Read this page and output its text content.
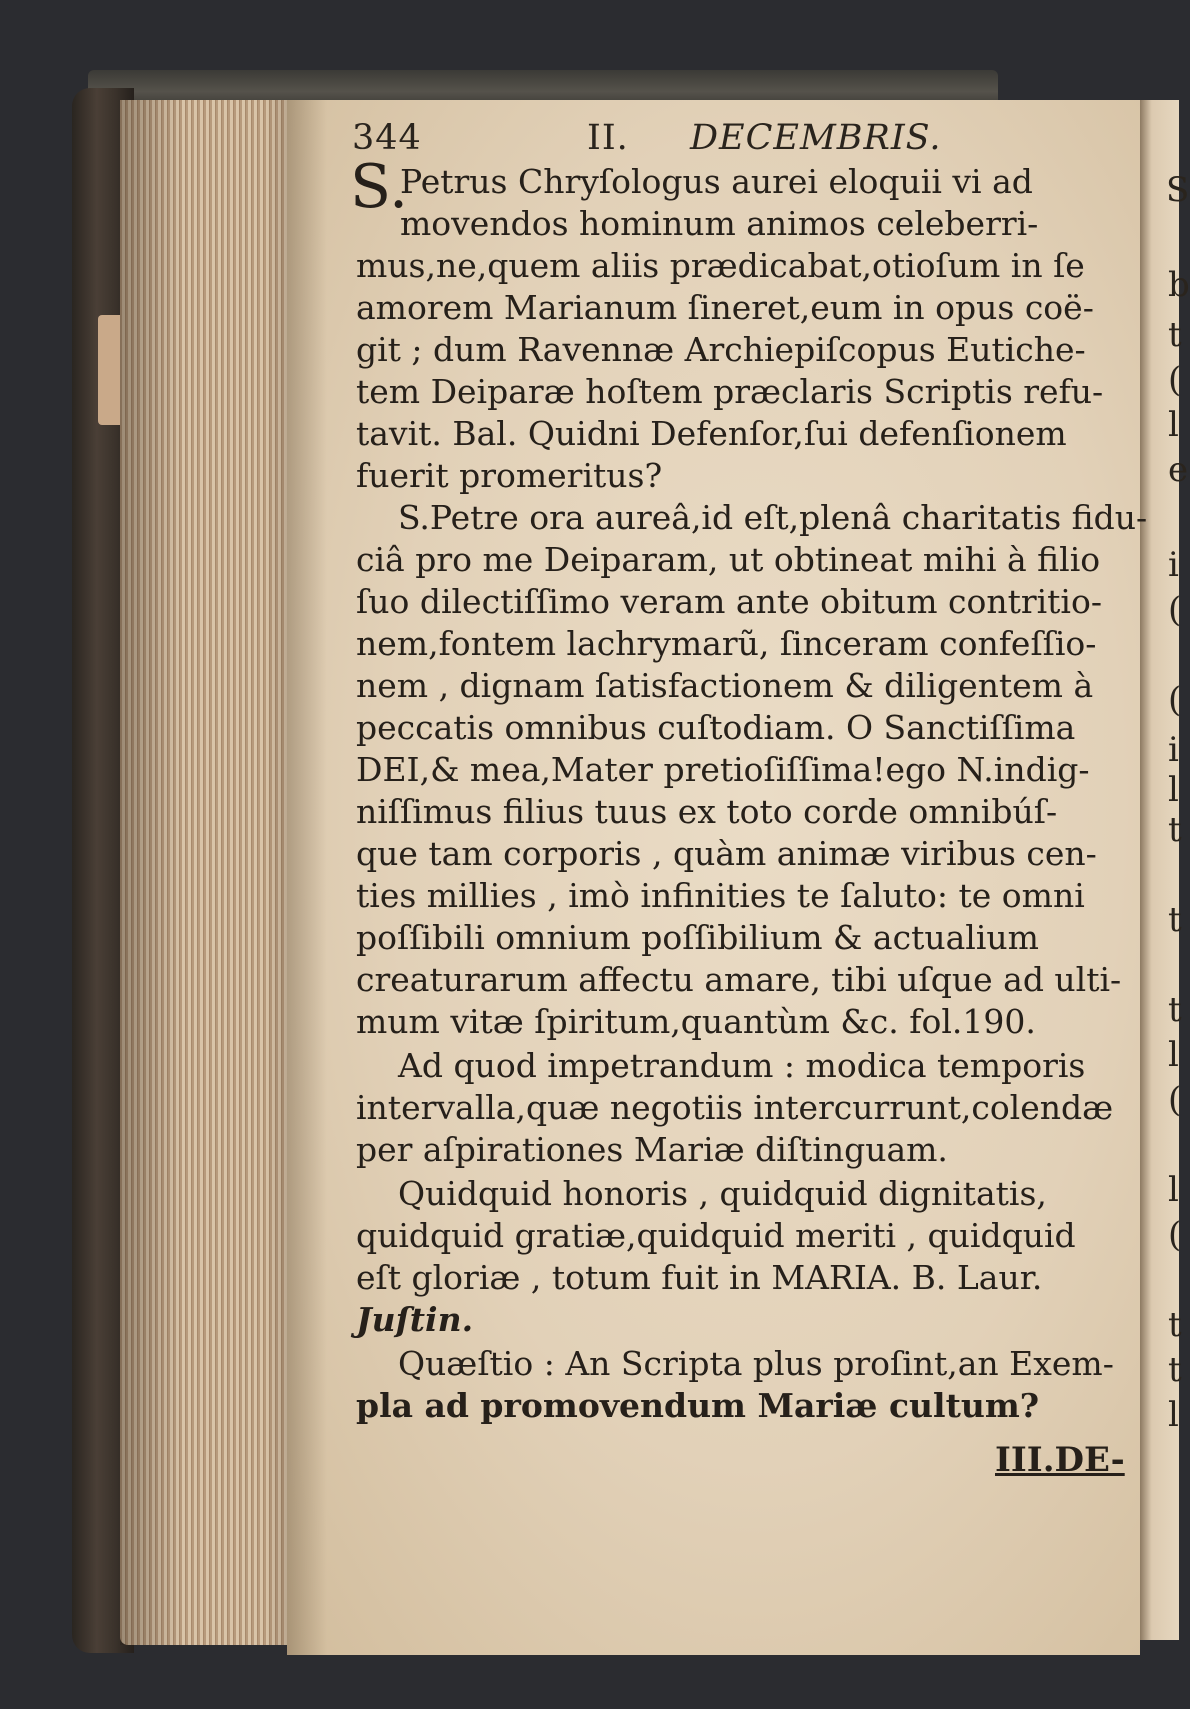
344	II. DECEMBRIS.
S.
Petrus Chryſologus aurei eloquii vi ad
movendos hominum animos celeberri-
mus,ne,quem aliis prædicabat,otioſum in ſe
amorem Marianum ſineret,eum in opus coë-
git ; dum Ravennæ Archiepiſcopus Eutiche-
tem Deiparæ hoſtem præclaris Scriptis refu-
tavit. Bal. Quidni Defenſor,ſui defenſionem
fuerit promeritus?
S.Petre ora aureâ,id eſt,plenâ charitatis fidu-
ciâ pro me Deiparam, ut obtineat mihi à filio
ſuo dilectiſſimo veram ante obitum contritio-
nem,fontem lachrymarũ, ſinceram confeſſio-
nem , dignam ſatisfactionem & diligentem à
peccatis omnibus cuſtodiam. O Sanctiſſima
DEI,& mea,Mater pretioſiſſima!ego N.indig-
niſſimus filius tuus ex toto corde omnibúſ-
que tam corporis , quàm animæ viribus cen-
ties millies , imò infinities te ſaluto: te omni
poſſibili omnium poſſibilium & actualium
creaturarum affectu amare, tibi uſque ad ulti-
mum vitæ ſpiritum,quantùm &c. fol.190.
Ad quod impetrandum : modica temporis
intervalla,quæ negotiis intercurrunt,colendæ
per aſpirationes Mariæ diſtinguam.
Quidquid honoris , quidquid dignitatis,
quidquid gratiæ,quidquid meriti , quidquid
eſt gloriæ , totum fuit in MARIA. B. Laur.
Juſtin.
Quæſtio : An Scripta plus proſint,an Exem-
pla ad promovendum Mariæ cultum?
III.DE-
S
b
t
(
l
e
i
(
(
i
l
t
t
t
l
(
l
(
t
t
l
